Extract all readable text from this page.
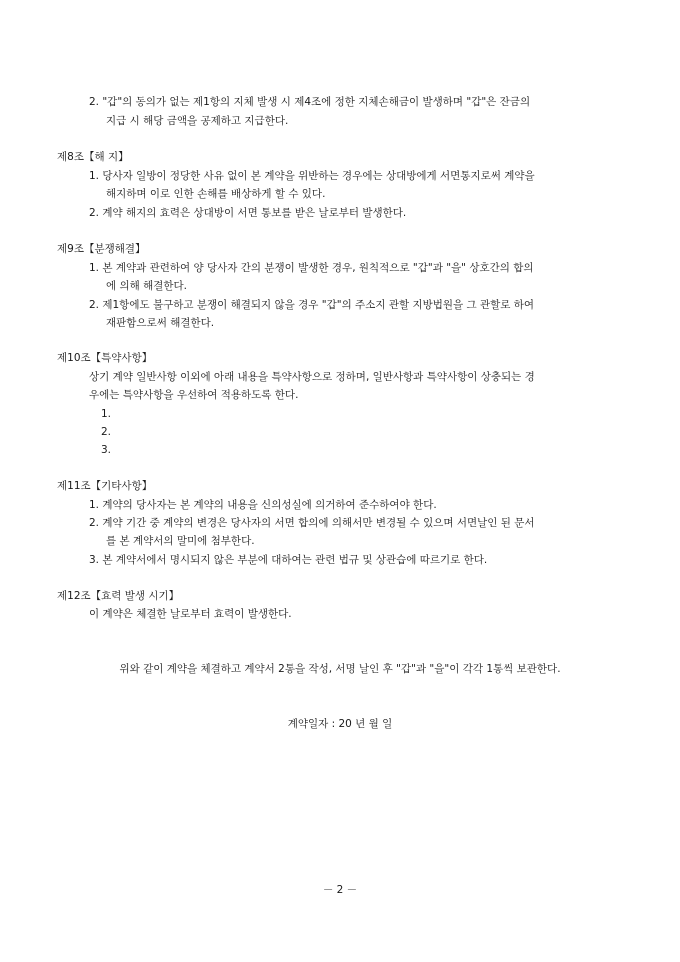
2. "갑"의 동의가 없는 제1항의 지체 발생 시 제4조에 정한 지체손해금이 발생하며 "갑"은 잔금의
지급 시 해당 금액을 공제하고 지급한다.
제8조【해 지】
1. 당사자 일방이 정당한 사유 없이 본 계약을 위반하는 경우에는 상대방에게 서면통지로써 계약을
해지하며 이로 인한 손해를 배상하게 할 수 있다.
2. 계약 해지의 효력은 상대방이 서면 통보를 받은 날로부터 발생한다.
제9조【분쟁해결】
1. 본 계약과 관련하여 양 당사자 간의 분쟁이 발생한 경우, 원칙적으로 "갑"과 "을" 상호간의 합의
에 의해 해결한다.
2. 제1항에도 불구하고 분쟁이 해결되지 않을 경우 "갑"의 주소지 관할 지방법원을 그 관할로 하여
재판함으로써 해결한다.
제10조【특약사항】
상기 계약 일반사항 이외에 아래 내용을 특약사항으로 정하며, 일반사항과 특약사항이 상충되는 경
우에는 특약사항을 우선하여 적용하도록 한다.
1.
2.
3.
제11조【기타사항】
1. 계약의 당사자는 본 계약의 내용을 신의성실에 의거하여 준수하여야 한다.
2. 계약 기간 중 계약의 변경은 당사자의 서면 합의에 의해서만 변경될 수 있으며 서면날인 된 문서
를 본 계약서의 말미에 첨부한다.
3. 본 계약서에서 명시되지 않은 부분에 대하여는 관련 법규 및 상관습에 따르기로 한다.
제12조【효력 발생 시기】
이 계약은 체결한 날로부터 효력이 발생한다.
위와 같이 계약을 체결하고 계약서 2통을 작성, 서명 날인 후 "갑"과 "을"이 각각 1통씩 보관한다.
계약일자 : 20 년 월 일
－ 2 －
